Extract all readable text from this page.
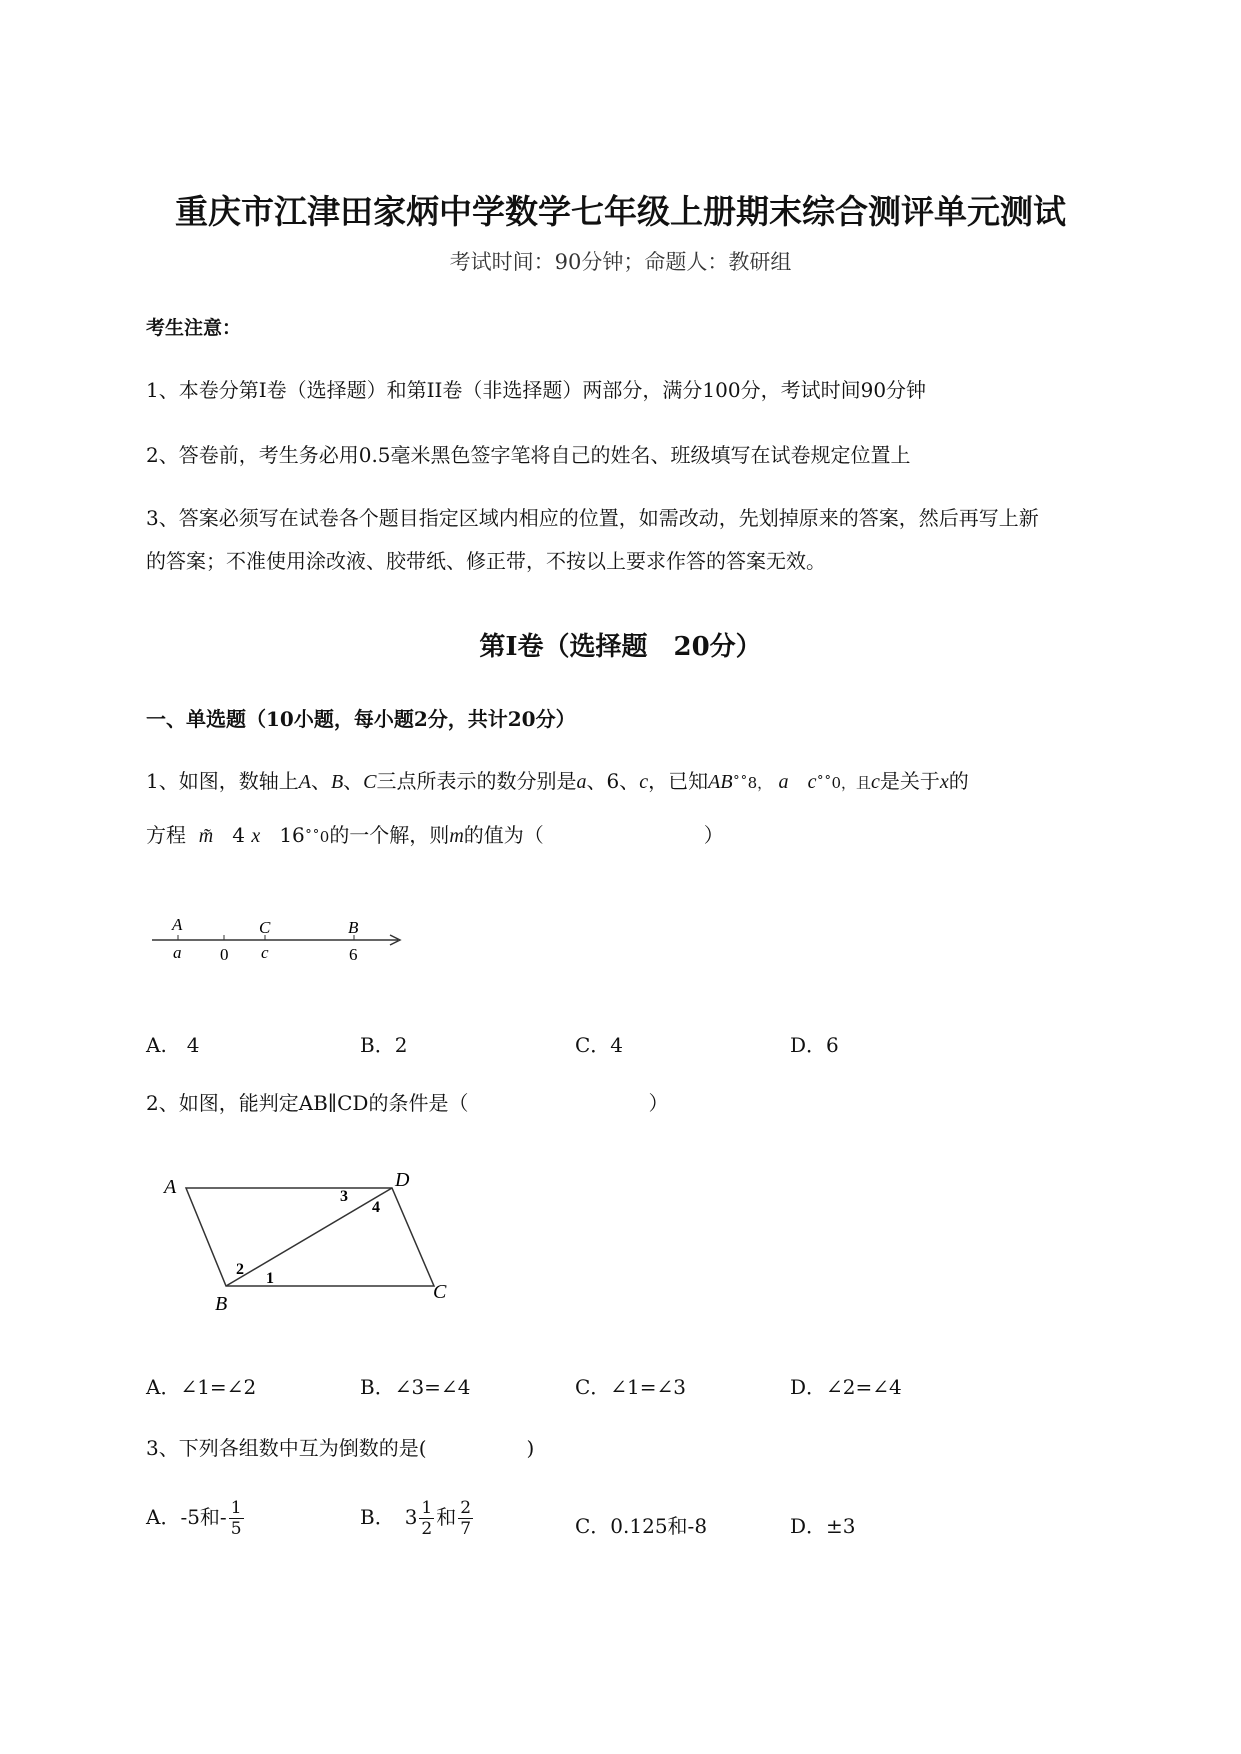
重庆市江津田家炳中学数学七年级上册期末综合测评单元测试
考试时间：90分钟；命题人：教研组
考生注意：
1、本卷分第I卷（选择题）和第II卷（非选择题）两部分，满分100分，考试时间90分钟
2、答卷前，考生务必用0.5毫米黑色签字笔将自己的姓名、班级填写在试卷规定位置上
3、答案必须写在试卷各个题目指定区域内相应的位置，如需改动，先划掉原来的答案，然后再写上新
的答案；不准使用涂改液、胶带纸、修正带，不按以上要求作答的答案无效。
第I卷（选择题　20分）
一、单选题（10小题，每小题2分，共计20分）
1、如图，数轴上A、B、C三点所表示的数分别是a、6、c，已知AB˚˚8， a c˚˚0，且c是关于x的
方程 m̃ 4 x 16˚˚0的一个解，则m的值为（　　　　　　　　）
A	C	B
a 0 c	6
A.　4	B．2	C．4	D．6
2、如图，能判定AB∥CD的条件是（　　　　　　　　　）
A	D
B
C
3
4
2
1
A．∠1=∠2	B．∠3=∠4	C．∠1=∠3	D．∠2=∠4
3、下列各组数中互为倒数的是(　　　　　)
A．-5和- $\frac{1}{5}$	B．　$3 \frac{1}{2}$ 和 $\frac{2}{7}$	C．0.125和-8	D．±3
